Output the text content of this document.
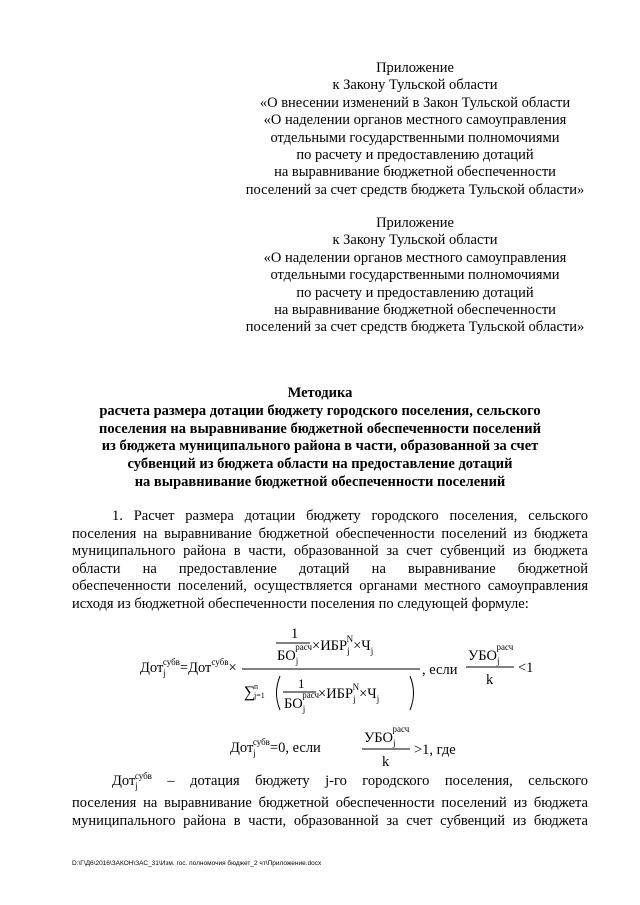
Приложение
к Закону Тульской области
«О внесении изменений в Закон Тульской области
«О наделении органов местного самоуправления
отдельными государственными полномочиями
по расчету и предоставлению дотаций
на выравнивание бюджетной обеспеченности
поселений за счет средств бюджета Тульской области»
Приложение
к Закону Тульской области
«О наделении органов местного самоуправления
отдельными государственными полномочиями
по расчету и предоставлению дотаций
на выравнивание бюджетной обеспеченности
поселений за счет средств бюджета Тульской области»
Методика
расчета размера дотации бюджету городского поселения, сельского
поселения на выравнивание бюджетной обеспеченности поселений
из бюджета муниципального района в части, образованной за счет
субвенций из бюджета области на предоставление дотаций
на выравнивание бюджетной обеспеченности поселений
1. Расчет размера дотации бюджету городского поселения, сельского
поселения на выравнивание бюджетной обеспеченности поселений из бюджета
муниципального района в части, образованной за счет субвенций из бюджета
области на предоставление дотаций на выравнивание бюджетной
обеспеченности поселений, осуществляется органами местного самоуправления
исходя из бюджетной обеспеченности поселения по следующей формуле:
Дот$_j$субв=Дот$^{субв}$×
1
$БО_jрасч \times ИБР_jN\times Ч_j$
∑
n
j=1
1
$БО_jрасч$
$\times ИБР_jN\times Ч_j$
, если
$УБО_jрасч$
k
<1
Дот$_j$субв=0, если
$УБО_jрасч$
k
>1, где
Дот$_j^{субв}$ – дотация бюджету j-го городского поселения, сельского
поселения на выравнивание бюджетной обеспеченности поселений из бюджета
муниципального района в части, образованной за счет субвенций из бюджета
D:\Г\Д6\2016\ЗАКОН\ЗАС_31\Изм. гос. полномочия бюджет_2 чт\Приложение.docx
